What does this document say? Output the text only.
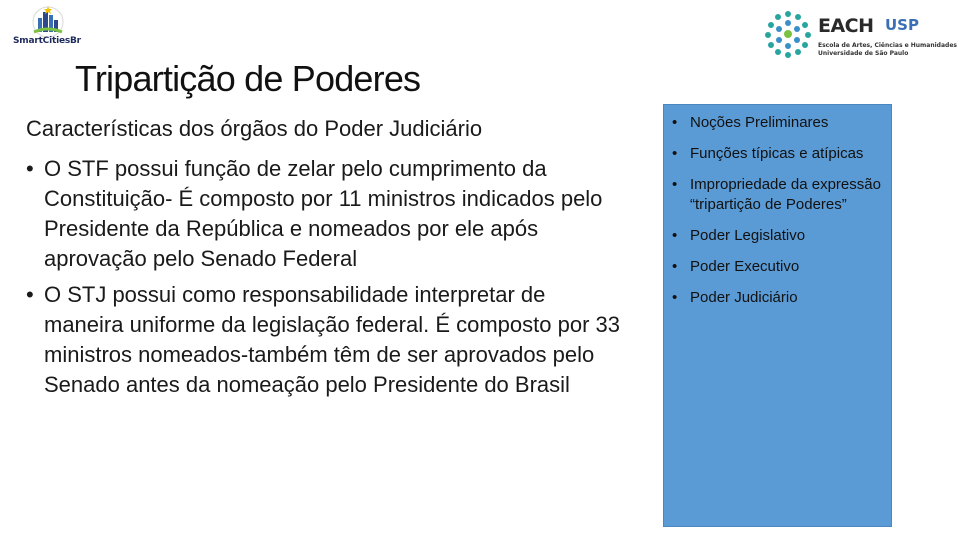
SmartCitiesBr
EACH USP
Escola de Artes, Ciências e Humanidades
Universidade de São Paulo
Tripartição de Poderes

Características dos órgãos do Poder Judiciário

• O STF possui função de zelar pelo cumprimento da Constituição- É composto por 11 ministros indicados pelo Presidente da República e nomeados por ele após aprovação pelo Senado Federal
• O STJ possui como responsabilidade interpretar de maneira uniforme da legislação federal. É composto por 33 ministros nomeados-também têm de ser aprovados pelo Senado antes da nomeação pelo Presidente do Brasil
• Noções Preliminares
• Funções típicas e atípicas
• Impropriedade da expressão “tripartição de Poderes”
• Poder Legislativo
• Poder Executivo
• Poder Judiciário
